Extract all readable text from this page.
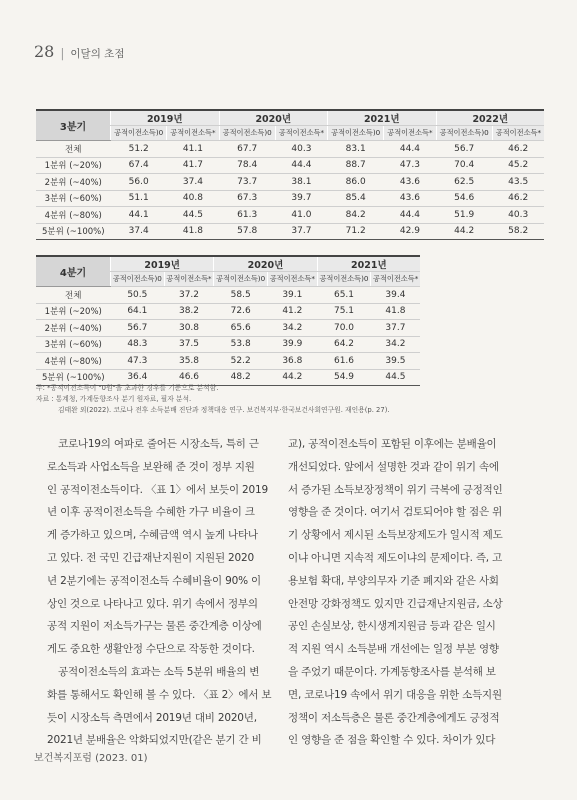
28 | 이달의 초점
3분기	2019년		2020년		2021년		2022년	
	공적이전소득)0	공적이전소득*	공적이전소득)0	공적이전소득*	공적이전소득)0	공적이전소득*	공적이전소득)0	공적이전소득*
전체	51.2	41.1	67.7	40.3	83.1	44.4	56.7	46.2
1분위 (~20%)	67.4	41.7	78.4	44.4	88.7	47.3	70.4	45.2
2분위 (~40%)	56.0	37.4	73.7	38.1	86.0	43.6	62.5	43.5
3분위 (~60%)	51.1	40.8	67.3	39.7	85.4	43.6	54.6	46.2
4분위 (~80%)	44.1	44.5	61.3	41.0	84.2	44.4	51.9	40.3
5분위 (~100%)	37.4	41.8	57.8	37.7	71.2	42.9	44.2	58.2
4분기	2019년		2020년		2021년	
	공적이전소득)0	공적이전소득*	공적이전소득)0	공적이전소득*	공적이전소득)0	공적이전소득*
전체	50.5	37.2	58.5	39.1	65.1	39.4
1분위 (~20%)	64.1	38.2	72.6	41.2	75.1	41.8
2분위 (~40%)	56.7	30.8	65.6	34.2	70.0	37.7
3분위 (~60%)	48.3	37.5	53.8	39.9	64.2	34.2
4분위 (~80%)	47.3	35.8	52.2	36.8	61.6	39.5
5분위 (~100%)	36.4	46.6	48.2	44.2	54.9	44.5
주: *공적이전소득이 "0원"을 초과한 경우를 기준으로 분석함.
자료 : 통계청, 가계동향조사 분기 원자료, 필자 분석.
김태완 외(2022). 코로나 전후 소득분배 진단과 정책대응 연구. 보건복지부·한국보건사회연구원. 재인용(p. 27).
코로나19의 여파로 줄어든 시장소득, 특히 근
로소득과 사업소득을 보완해 준 것이 정부 지원
인 공적이전소득이다. 〈표 1〉에서 보듯이 2019
년 이후 공적이전소득을 수혜한 가구 비율이 크
게 증가하고 있으며, 수혜금액 역시 높게 나타나
고 있다. 전 국민 긴급재난지원이 지원된 2020
년 2분기에는 공적이전소득 수혜비율이 90% 이
상인 것으로 나타나고 있다. 위기 속에서 정부의
공적 지원이 저소득가구는 물론 중간계층 이상에
게도 중요한 생활안정 수단으로 작동한 것이다.
공적이전소득의 효과는 소득 5분위 배율의 변
화를 통해서도 확인해 볼 수 있다. 〈표 2〉에서 보
듯이 시장소득 측면에서 2019년 대비 2020년,
2021년 분배율은 악화되었지만(같은 분기 간 비
교), 공적이전소득이 포함된 이후에는 분배율이
개선되었다. 앞에서 설명한 것과 같이 위기 속에
서 증가된 소득보장정책이 위기 극복에 긍정적인
영향을 준 것이다. 여기서 검토되어야 할 점은 위
기 상황에서 제시된 소득보장제도가 일시적 제도
이냐 아니면 지속적 제도이냐의 문제이다. 즉, 고
용보험 확대, 부양의무자 기준 폐지와 같은 사회
안전망 강화정책도 있지만 긴급재난지원금, 소상
공인 손실보상, 한시생계지원금 등과 같은 일시
적 지원 역시 소득분배 개선에는 일정 부분 영향
을 주었기 때문이다. 가계동향조사를 분석해 보
면, 코로나19 속에서 위기 대응을 위한 소득지원
정책이 저소득층은 물론 중간계층에게도 긍정적
인 영향을 준 점을 확인할 수 있다. 차이가 있다
보건복지포럼 (2023. 01)
